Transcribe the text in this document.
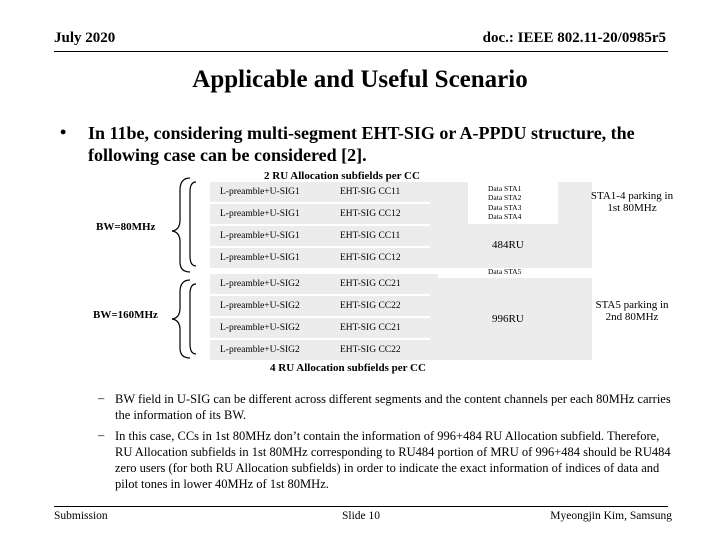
July 2020	doc.: IEEE 802.11-20/0985r5
Applicable and Useful Scenario
• In 11be, considering multi-segment EHT-SIG or A-PPDU structure, the following case can be considered [2].
2 RU Allocation subfields per CC
BW=80MHz
BW=160MHz
L-preamble+U-SIG1	EHT-SIG CC11
L-preamble+U-SIG1	EHT-SIG CC12
L-preamble+U-SIG1	EHT-SIG CC11
L-preamble+U-SIG1	EHT-SIG CC12
L-preamble+U-SIG2	EHT-SIG CC21
L-preamble+U-SIG2	EHT-SIG CC22
L-preamble+U-SIG2	EHT-SIG CC21
L-preamble+U-SIG2	EHT-SIG CC22
Data STA1
Data STA2
Data STA3
Data STA4
484RU
Data STA5
996RU
STA1-4 parking in 1st 80MHz
STA5 parking in 2nd 80MHz
4 RU Allocation subfields per CC
– BW field in U-SIG can be different across different segments and the content channels per each 80MHz carries the information of its BW.
– In this case, CCs in 1st 80MHz don’t contain the information of 996+484 RU Allocation subfield. Therefore, RU Allocation subfields in 1st 80MHz corresponding to RU484 portion of MRU of 996+484 should be RU484 zero users (for both RU Allocation subfields) in order to indicate the exact information of indices of data and pilot tones in lower 40MHz of 1st 80MHz.
Submission	Slide 10	Myeongjin Kim, Samsung
